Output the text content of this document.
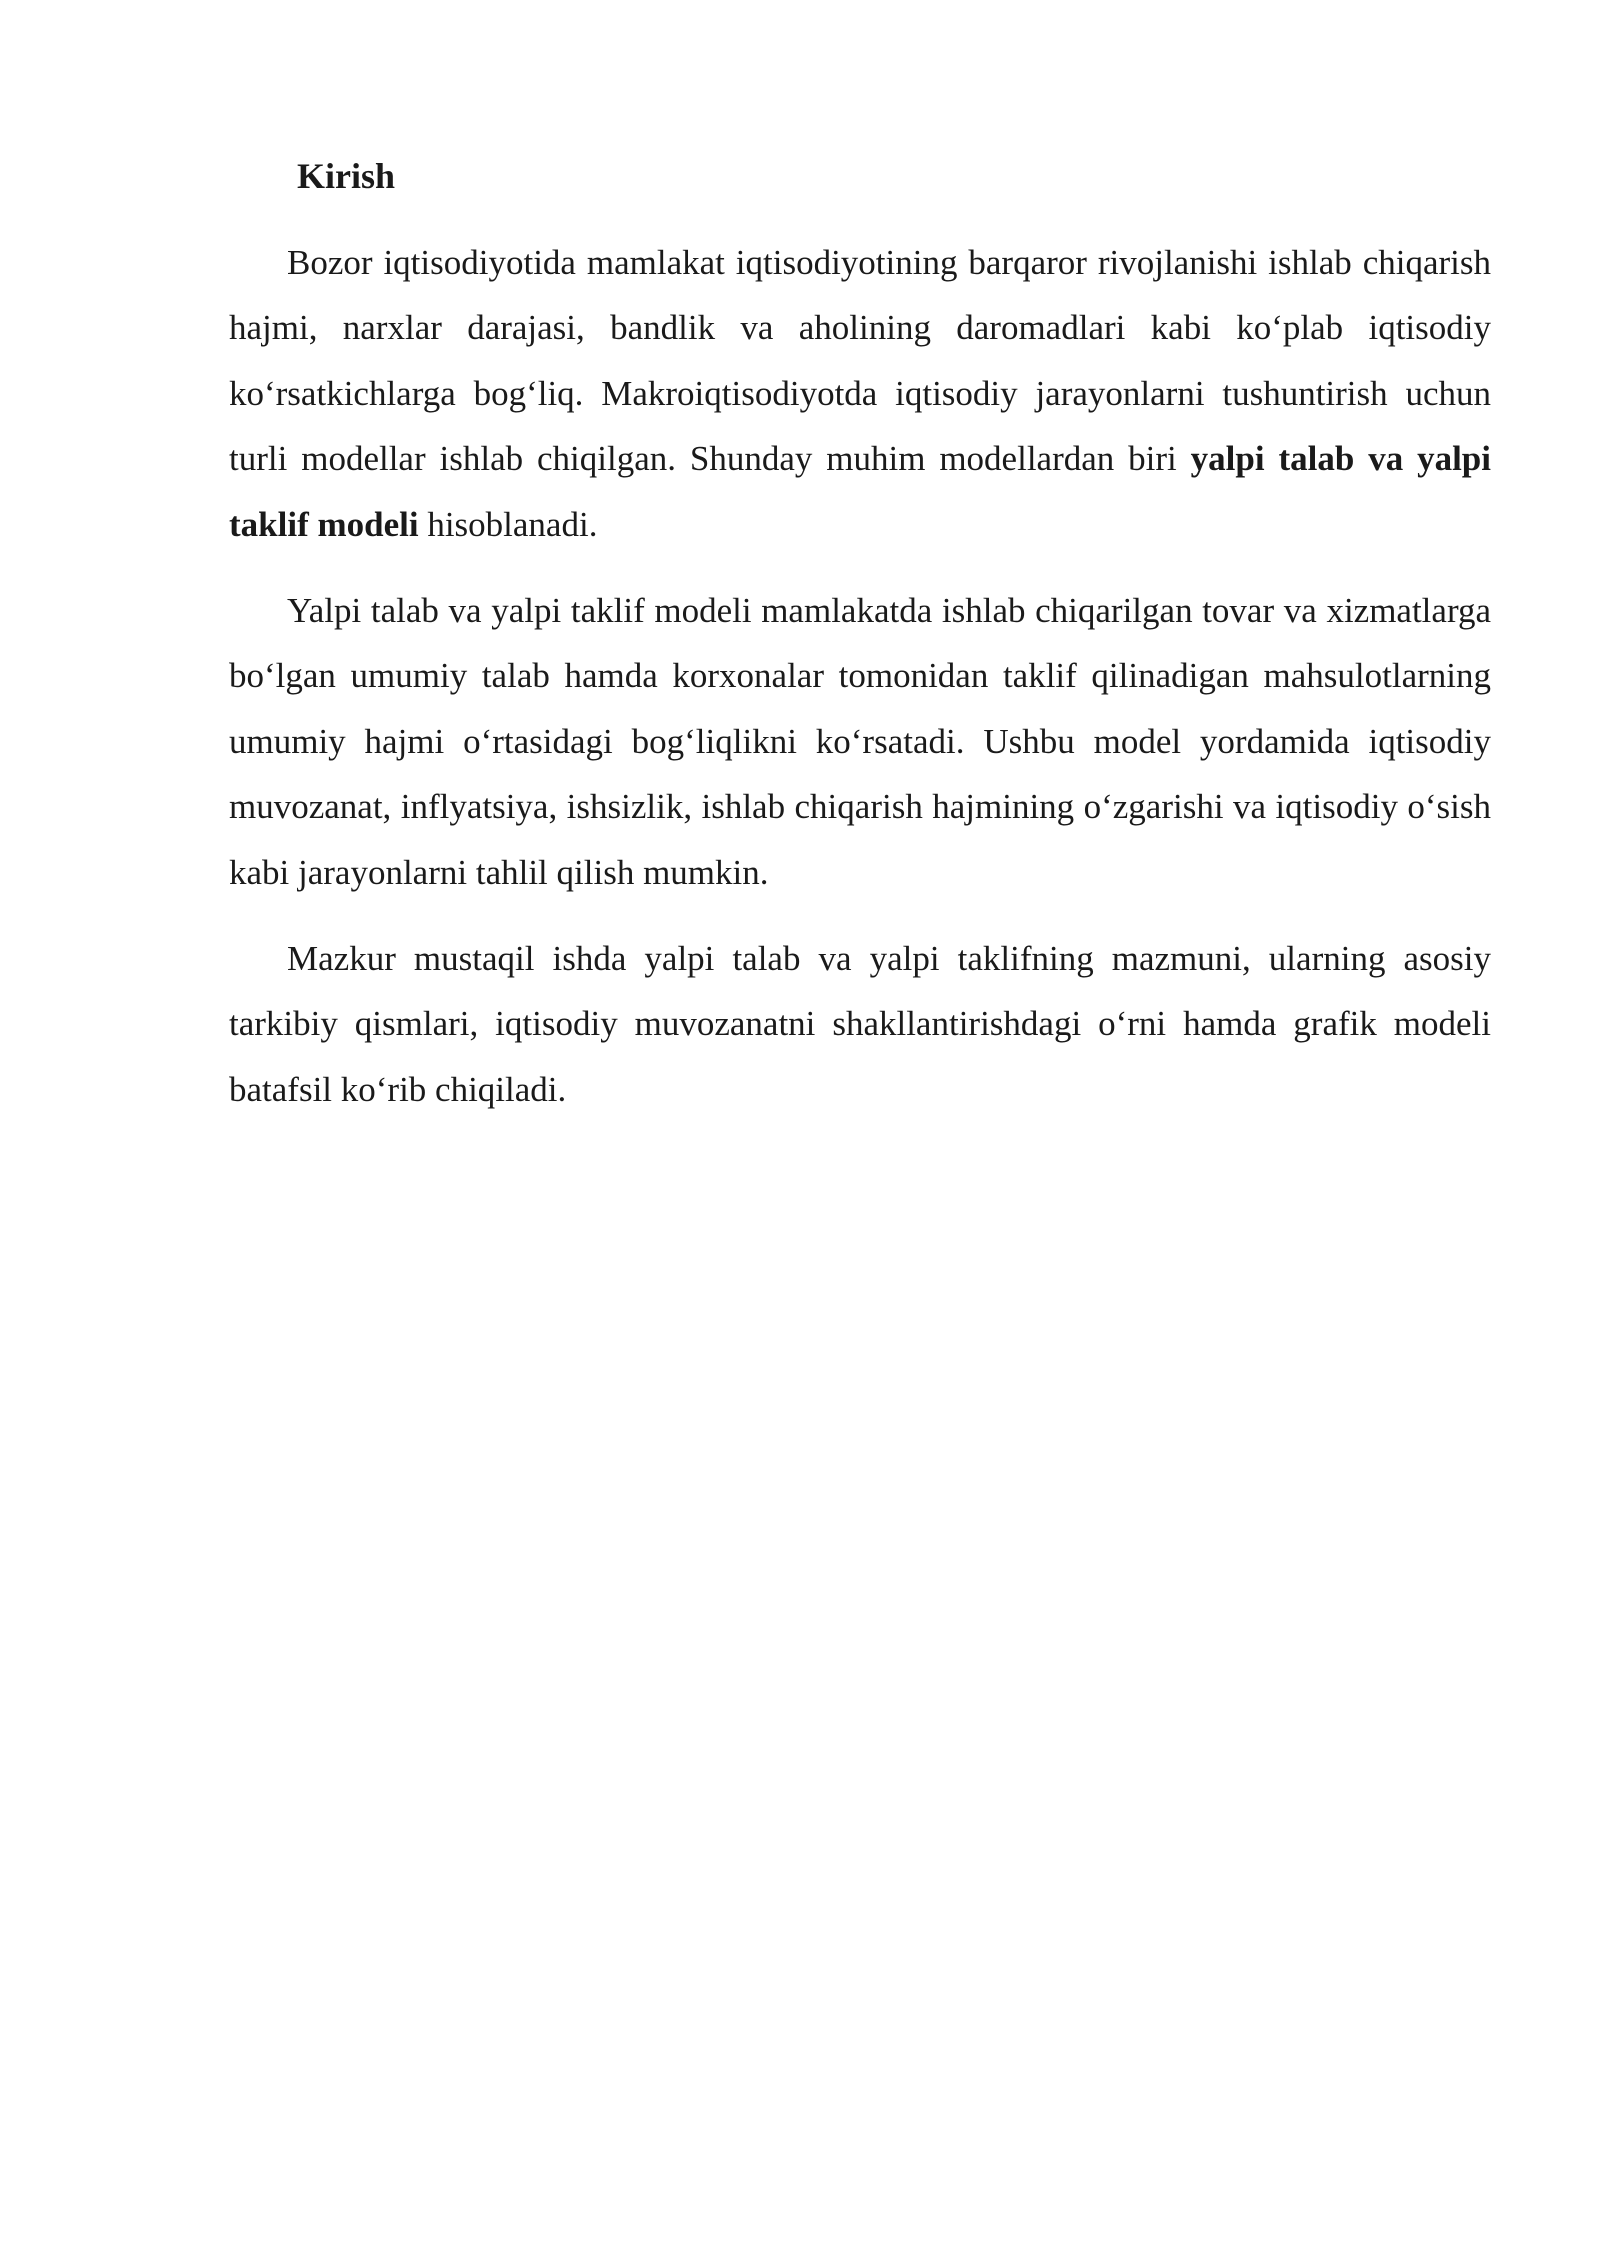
Kirish

Bozor iqtisodiyotida mamlakat iqtisodiyotining barqaror rivojlanishi ishlab chiqarish hajmi, narxlar darajasi, bandlik va aholining daromadlari kabi ko‘plab iqtisodiy ko‘rsatkichlarga bog‘liq. Makroiqtisodiyotda iqtisodiy jarayonlarni tushuntirish uchun turli modellar ishlab chiqilgan. Shunday muhim modellardan biri yalpi talab va yalpi taklif modeli hisoblanadi.

Yalpi talab va yalpi taklif modeli mamlakatda ishlab chiqarilgan tovar va xizmatlarga bo‘lgan umumiy talab hamda korxonalar tomonidan taklif qilinadigan mahsulotlarning umumiy hajmi o‘rtasidagi bog‘liqlikni ko‘rsatadi. Ushbu model yordamida iqtisodiy muvozanat, inflyatsiya, ishsizlik, ishlab chiqarish hajmining o‘zgarishi va iqtisodiy o‘sish kabi jarayonlarni tahlil qilish mumkin.

Mazkur mustaqil ishda yalpi talab va yalpi taklifning mazmuni, ularning asosiy tarkibiy qismlari, iqtisodiy muvozanatni shakllantirishdagi o‘rni hamda grafik modeli batafsil ko‘rib chiqiladi.
